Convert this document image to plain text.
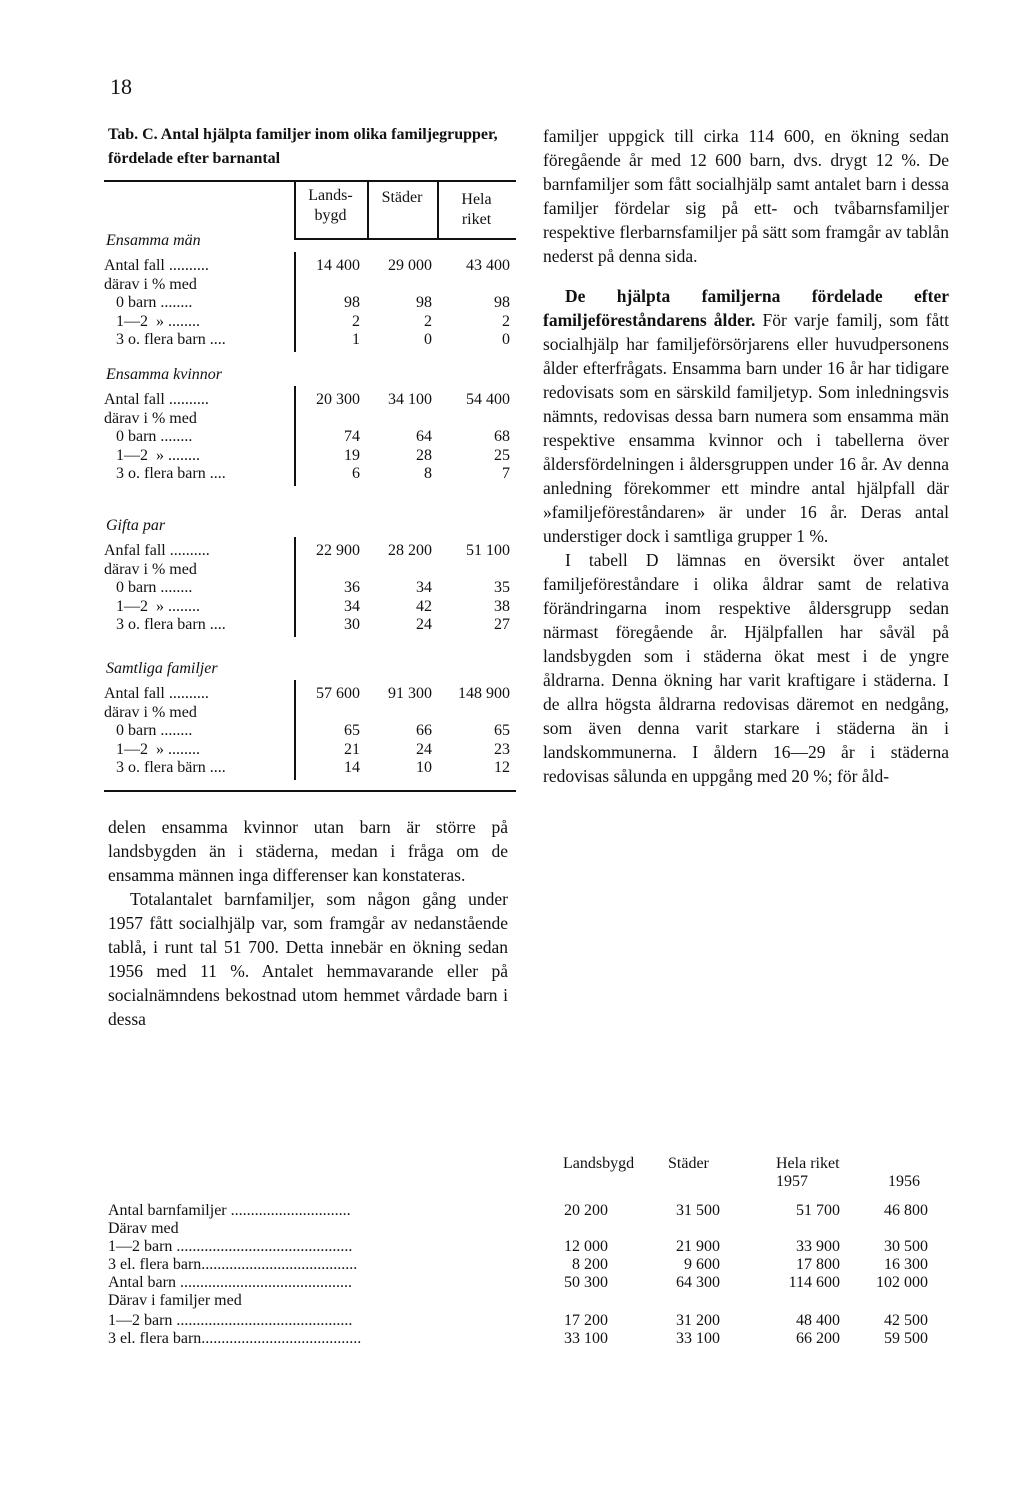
18
Tab. C. Antal hjälpta familjer inom olika familjegrupper, fördelade efter barnantal
Lands-
bygd
Städer	Hela
riket
Ensamma män
Antal fall ..........	14 400	29 000	43 400
därav i % med
0 barn ........	98	98	98
1—2  » ........	2	2	2
3 o. flera barn ....	1	0	0
Ensamma kvinnor
Antal fall ..........	20 300	34 100	54 400
därav i % med
0 barn ........	74	64	68
1—2  » ........	19	28	25
3 o. flera barn ....	6	8	7
Gifta par
Anfal fall ..........	22 900	28 200	51 100
därav i % med
0 barn ........	36	34	35
1—2  » ........	34	42	38
3 o. flera barn ....	30	24	27
Samtliga familjer
Antal fall ..........	57 600	91 300	148 900
därav i % med
0 barn ........	65	66	65
1—2  » ........	21	24	23
3 o. flera bärn ....	14	10	12
delen ensamma kvinnor utan barn är större på landsbygden än i städerna, medan i fråga om de ensamma männen inga differenser kan konstateras.
Totalantalet barnfamiljer, som någon gång under 1957 fått socialhjälp var, som framgår av nedanstående tablå, i runt tal 51 700. Detta innebär en ökning sedan 1956 med 11 %. Antalet hemmavarande eller på socialnämndens bekostnad utom hemmet vårdade barn i dessa
familjer uppgick till cirka 114 600, en ökning sedan föregående år med 12 600 barn, dvs. drygt 12 %. De barnfamiljer som fått socialhjälp samt antalet barn i dessa familjer fördelar sig på ett- och tvåbarnsfamiljer respektive flerbarnsfamiljer på sätt som framgår av tablån nederst på denna sida.
De hjälpta familjerna fördelade efter familjeföreståndarens ålder. För varje familj, som fått socialhjälp har familjeförsörjarens eller huvudpersonens ålder efterfrågats. Ensamma barn under 16 år har tidigare redovisats som en särskild familjetyp. Som inledningsvis nämnts, redovisas dessa barn numera som ensamma män respektive ensamma kvinnor och i tabellerna över åldersfördelningen i åldersgruppen under 16 år. Av denna anledning förekommer ett mindre antal hjälpfall där »familjeföreståndaren» är under 16 år. Deras antal understiger dock i samtliga grupper 1 %.
I tabell D lämnas en översikt över antalet familjeföreståndare i olika åldrar samt de relativa förändringarna inom respektive åldersgrupp sedan närmast föregående år. Hjälpfallen har såväl på landsbygden som i städerna ökat mest i de yngre åldrarna. Denna ökning har varit kraftigare i städerna. I de allra högsta åldrarna redovisas däremot en nedgång, som även denna varit starkare i städerna än i landskommunerna. I åldern 16—29 år i städerna redovisas sålunda en uppgång med 20 %; för åld-
Landsbygd Städer	Hela riket
1957	1956
Antal barnfamiljer ..............................	20 200	31 500	51 700	46 800
Därav med
1—2 barn ............................................	12 000	21 900	33 900	30 500
3 el. flera barn.......................................	8 200	9 600	17 800	16 300
Antal barn ...........................................	50 300	64 300	114 600	102 000
Därav i familjer med
1—2 barn ............................................	17 200	31 200	48 400	42 500
3 el. flera barn........................................	33 100	33 100	66 200	59 500
